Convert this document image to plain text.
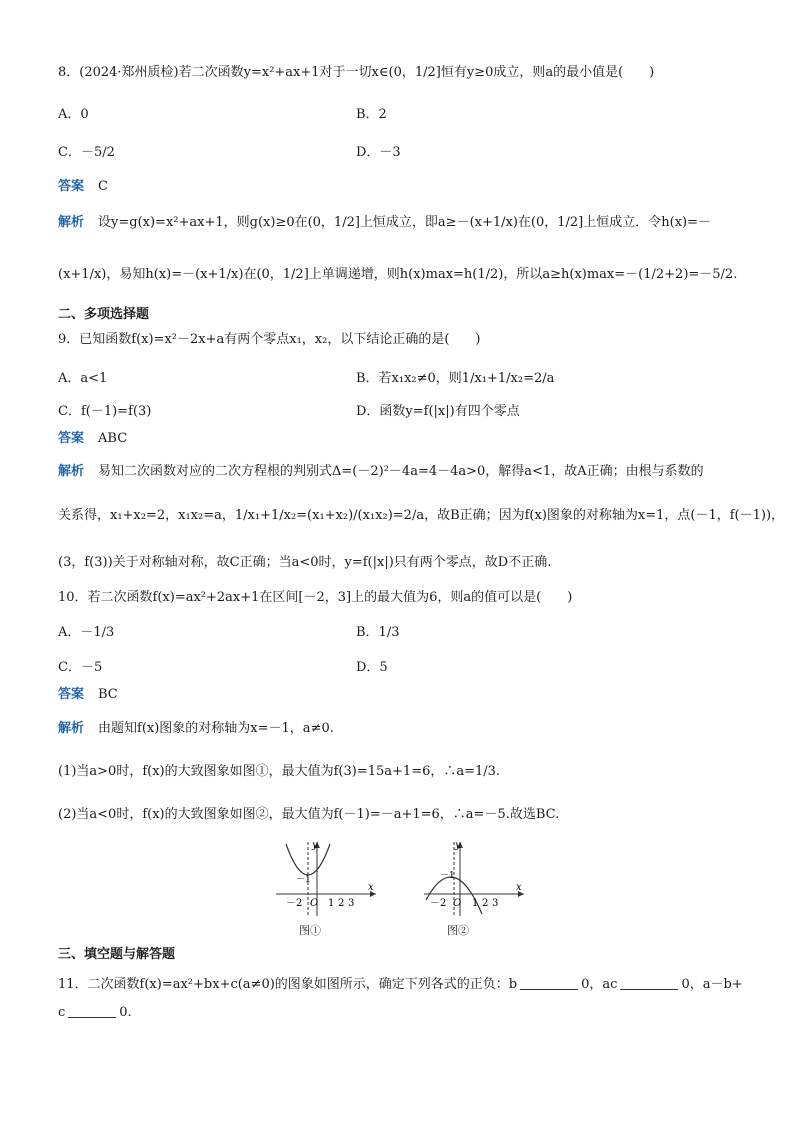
8．(2024·郑州质检)若二次函数y=x²+ax+1对于一切x∈(0，1/2]恒有y≥0成立，则a的最小值是(　　)
A．0	B．2
C．－5/2	D．－3
答案 C
解析 设y=g(x)=x²+ax+1，则g(x)≥0在(0，1/2]上恒成立，即a≥－(x+1/x)在(0，1/2]上恒成立．令h(x)=－
(x+1/x)，易知h(x)=－(x+1/x)在(0，1/2]上单调递增，则h(x)max=h(1/2)，所以a≥h(x)max=－(1/2+2)=－5/2.
二、多项选择题
9．已知函数f(x)=x²－2x+a有两个零点x₁，x₂，以下结论正确的是(　　)
A．a<1	B．若x₁x₂≠0，则1/x₁+1/x₂=2/a
C．f(－1)=f(3)	D．函数y=f(|x|)有四个零点
答案 ABC
解析 易知二次函数对应的二次方程根的判别式Δ=(－2)²－4a=4－4a>0，解得a<1，故A正确；由根与系数的
关系得，x₁+x₂=2，x₁x₂=a，1/x₁+1/x₂=(x₁+x₂)/(x₁x₂)=2/a，故B正确；因为f(x)图象的对称轴为x=1，点(－1，f(－1))，
(3，f(3))关于对称轴对称，故C正确；当a<0时，y=f(|x|)只有两个零点，故D不正确.
10．若二次函数f(x)=ax²+2ax+1在区间[－2，3]上的最大值为6，则a的值可以是(　　)
A．－1/3	B．1/3
C．－5	D．5
答案 BC
解析 由题知f(x)图象的对称轴为x=－1，a≠0.
(1)当a>0时，f(x)的大致图象如图①，最大值为f(3)=15a+1=6，∴a=1/3.
(2)当a<0时，f(x)的大致图象如图②，最大值为f(－1)=－a+1=6，∴a=－5.故选BC.
y
x
O
－2	1 2 3
－1
图①
y
x
O
－2	1 2 3
－1
图②
三、填空题与解答题
11．二次函数f(x)=ax²+bx+c(a≠0)的图象如图所示，确定下列各式的正负：b	0，ac	0，a－b+
c	0.
